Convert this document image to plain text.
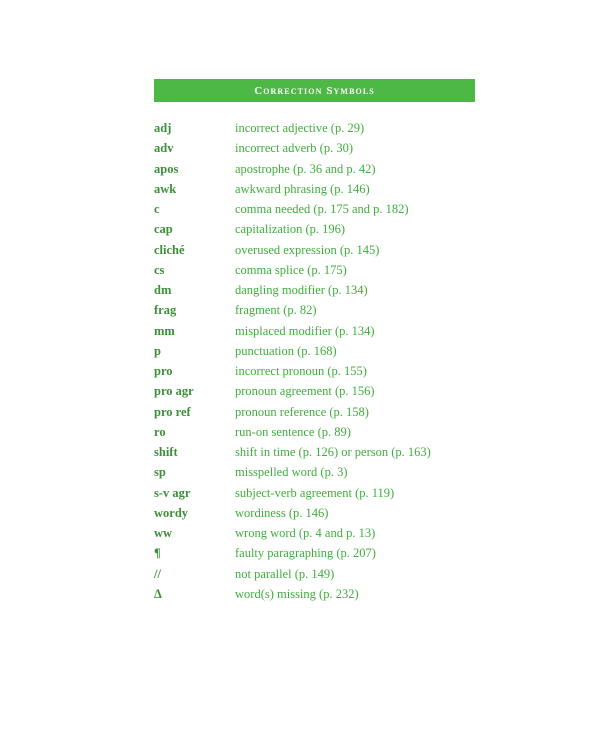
Correction Symbols
adj	incorrect adjective (p. 29)
adv	incorrect adverb (p. 30)
apos	apostrophe (p. 36 and p. 42)
awk	awkward phrasing (p. 146)
c	comma needed (p. 175 and p. 182)
cap	capitalization (p. 196)
cliché	overused expression (p. 145)
cs	comma splice (p. 175)
dm	dangling modifier (p. 134)
frag	fragment (p. 82)
mm	misplaced modifier (p. 134)
p	punctuation (p. 168)
pro	incorrect pronoun (p. 155)
pro agr	pronoun agreement (p. 156)
pro ref	pronoun reference (p. 158)
ro	run-on sentence (p. 89)
shift	shift in time (p. 126) or person (p. 163)
sp	misspelled word (p. 3)
s-v agr	subject-verb agreement (p. 119)
wordy	wordiness (p. 146)
ww	wrong word (p. 4 and p. 13)
¶	faulty paragraphing (p. 207)
//	not parallel (p. 149)
Δ	word(s) missing (p. 232)
